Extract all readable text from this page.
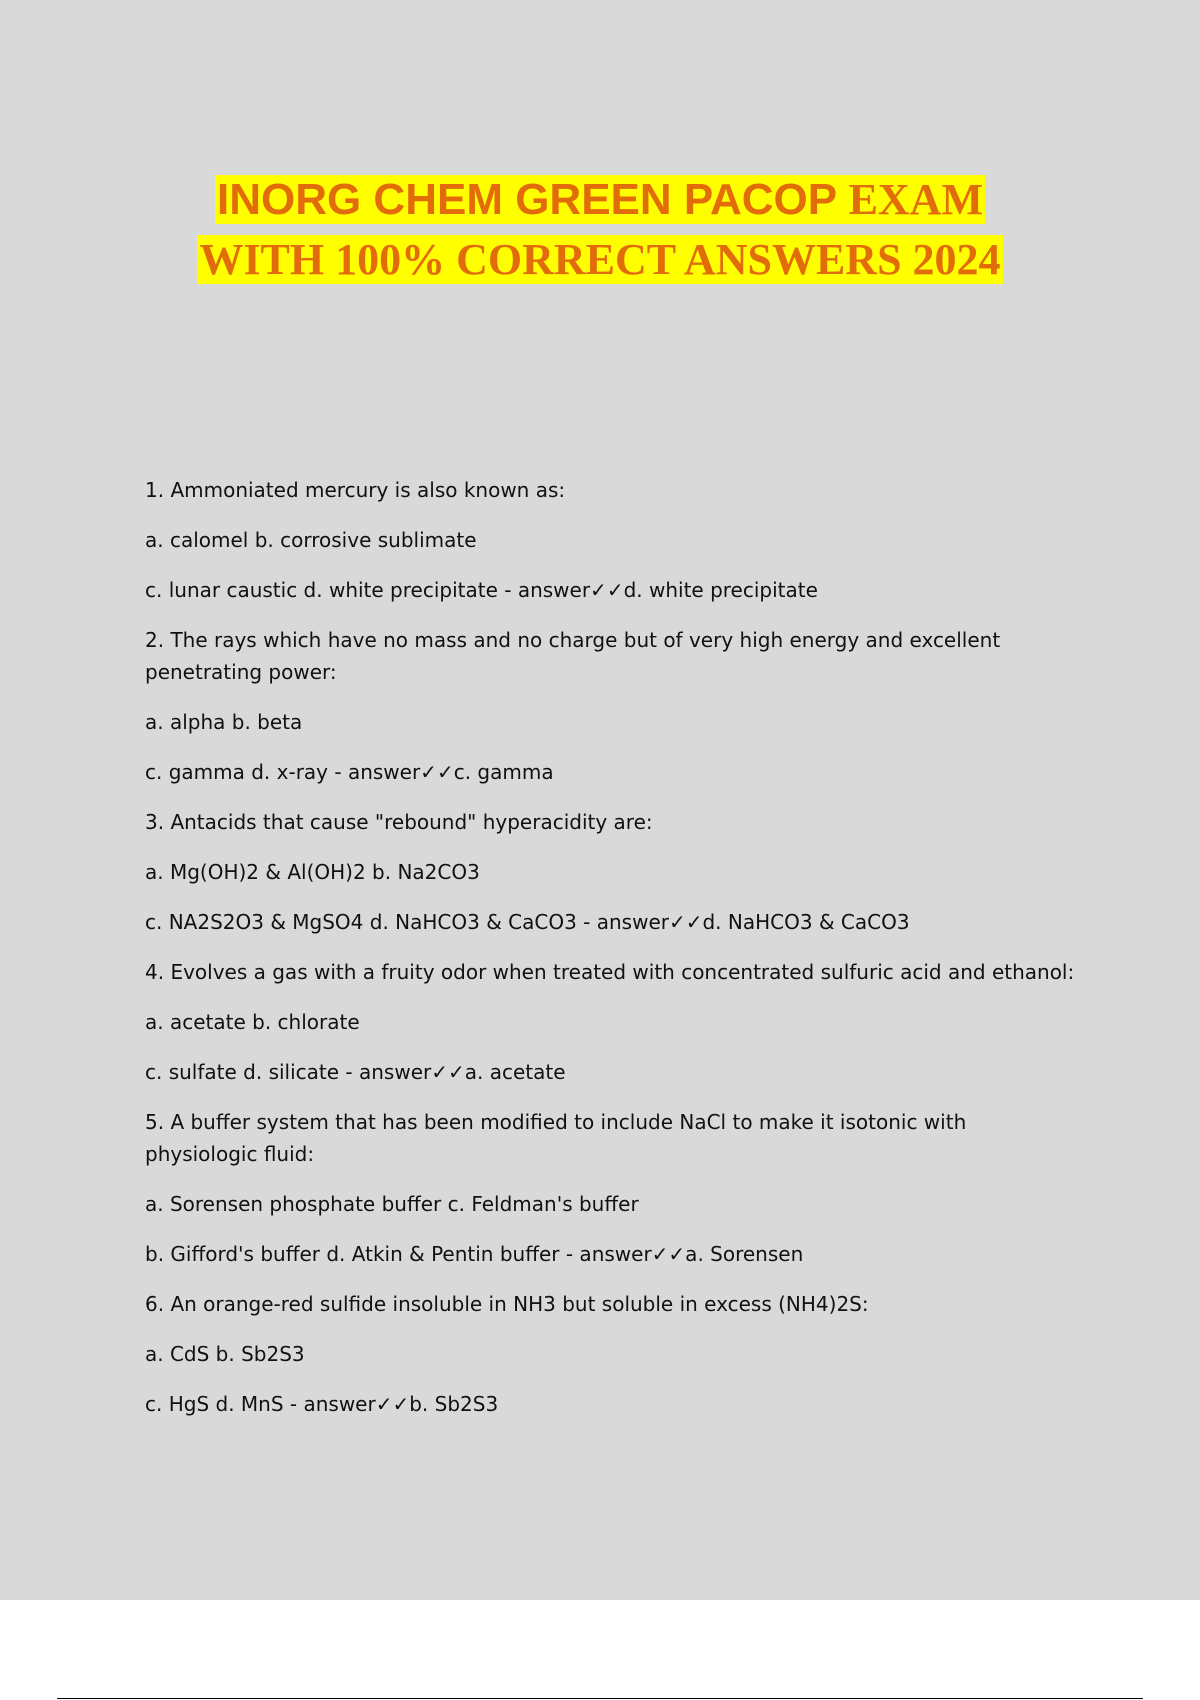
INORG CHEM GREEN PACOP EXAM
WITH 100% CORRECT ANSWERS 2024

1. Ammoniated mercury is also known as:

a. calomel b. corrosive sublimate

c. lunar caustic d. white precipitate - answer✓✓d. white precipitate

2. The rays which have no mass and no charge but of very high energy and excellent penetrating power:

a. alpha b. beta

c. gamma d. x-ray - answer✓✓c. gamma

3. Antacids that cause "rebound" hyperacidity are:

a. Mg(OH)2 & Al(OH)2 b. Na2CO3

c. NA2S2O3 & MgSO4 d. NaHCO3 & CaCO3 - answer✓✓d. NaHCO3 & CaCO3

4. Evolves a gas with a fruity odor when treated with concentrated sulfuric acid and ethanol:

a. acetate b. chlorate

c. sulfate d. silicate - answer✓✓a. acetate

5. A buffer system that has been modified to include NaCl to make it isotonic with physiologic fluid:

a. Sorensen phosphate buffer c. Feldman's buffer

b. Gifford's buffer d. Atkin & Pentin buffer - answer✓✓a. Sorensen

6. An orange-red sulfide insoluble in NH3 but soluble in excess (NH4)2S:

a. CdS b. Sb2S3

c. HgS d. MnS - answer✓✓b. Sb2S3
